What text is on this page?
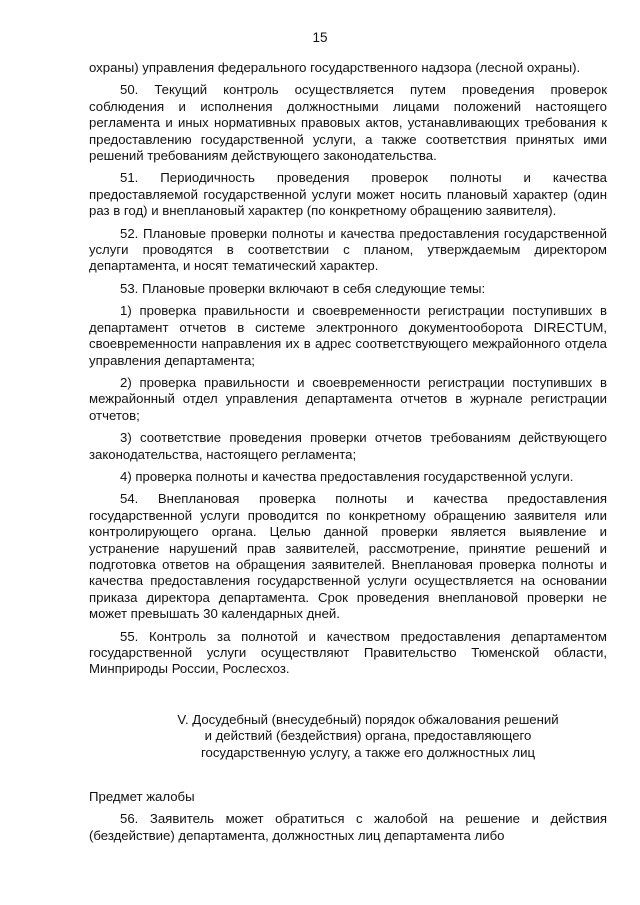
15

охраны) управления федерального государственного надзора (лесной охраны).

50. Текущий контроль осуществляется путем проведения проверок соблюдения и исполнения должностными лицами положений настоящего регламента и иных нормативных правовых актов, устанавливающих требования к предоставлению государственной услуги, а также соответствия принятых ими решений требованиям действующего законодательства.

51. Периодичность проведения проверок полноты и качества предоставляемой государственной услуги может носить плановый характер (один раз в год) и внеплановый характер (по конкретному обращению заявителя).

52. Плановые проверки полноты и качества предоставления государственной услуги проводятся в соответствии с планом, утверждаемым директором департамента, и носят тематический характер.

53. Плановые проверки включают в себя следующие темы:

1) проверка правильности и своевременности регистрации поступивших в департамент отчетов в системе электронного документооборота DIRECTUM, своевременности направления их в адрес соответствующего межрайонного отдела управления департамента;

2) проверка правильности и своевременности регистрации поступивших в межрайонный отдел управления департамента отчетов в журнале регистрации отчетов;

3) соответствие проведения проверки отчетов требованиям действующего законодательства, настоящего регламента;

4) проверка полноты и качества предоставления государственной услуги.

54. Внеплановая проверка полноты и качества предоставления государственной услуги проводится по конкретному обращению заявителя или контролирующего органа. Целью данной проверки является выявление и устранение нарушений прав заявителей, рассмотрение, принятие решений и подготовка ответов на обращения заявителей. Внеплановая проверка полноты и качества предоставления государственной услуги осуществляется на основании приказа директора департамента. Срок проведения внеплановой проверки не может превышать 30 календарных дней.

55. Контроль за полнотой и качеством предоставления департаментом государственной услуги осуществляют Правительство Тюменской области, Минприроды России, Рослесхоз.

V. Досудебный (внесудебный) порядок обжалования решений
и действий (бездействия) органа, предоставляющего
государственную услугу, а также его должностных лиц

Предмет жалобы

56. Заявитель может обратиться с жалобой на решение и действия (бездействие) департамента, должностных лиц департамента либо
